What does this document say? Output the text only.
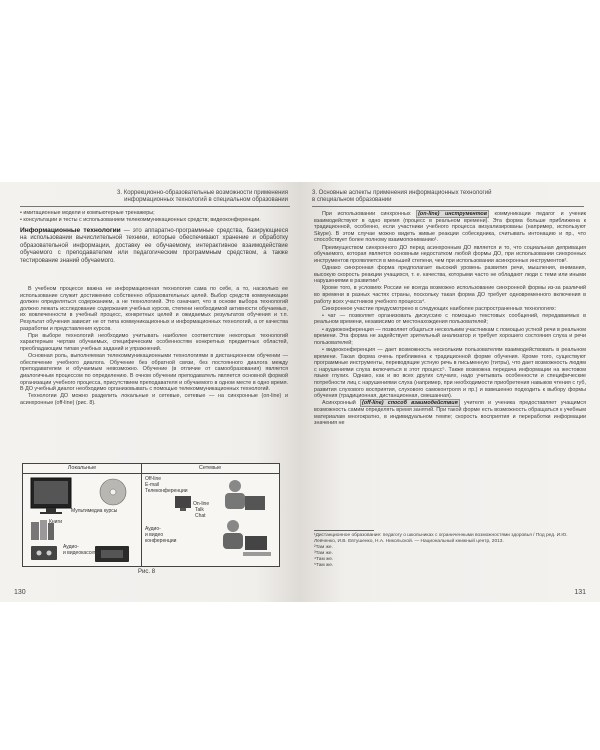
3. Коррекционно-образовательные возможности применения
информационных технологий в специальном образовании

• имитационные модели и компьютерные тренажеры;

• консультации и тесты с использованием телекоммуникационных средств; видеоконференции.

Информационные технологии — это аппаратно-программные средства, базирующиеся на использовании вычислительной техники, которые обеспечивают хранение и обработку образовательной информации, доставку ее обучаемому, интерактивное взаимодействие обучаемого с преподавателем или педагогическим программным средством, а также тестирование знаний обучаемого.

В учебном процессе важна не информационная технология сама по себе, а то, насколько ее использование служит достижению собственно образовательных целей. Выбор средств коммуникации должен определяться содержанием, а не технологией. Это означает, что в основе выбора технологий должно лежать исследование содержания учебных курсов, степени необходимой активности обучаемых, их вовлеченности в учебный процесс, конкретных целей и ожидаемых результатов обучения и т.п. Результат обучения зависит не от типа коммуникационных и информационных технологий, а от качества разработки и представления курсов.

При выборе технологий необходимо учитывать наиболее соответствие некоторых технологий характерным чертам обучаемых, специфическим особенностям конкретных предметных областей, преобладающим типам учебных заданий и упражнений.

Основная роль, выполняемая телекоммуникационными технологиями в дистанционном обучении — обеспечение учебного диалога. Обучение без обратной связи, без постоянного диалога между преподавателем и обучаемым невозможно. Обучение (в отличие от самообразования) является диалогичным процессом по определению. В очном обучении преподаватель является основной формой организации учебного процесса, присутствием преподавателя и обучаемого в одном месте в одно время. В ДО учебный диалог необходимо организовывать с помощью телекоммуникационных технологий.

Технологии ДО можно разделить локальные и сетевые, сетевые — на синхронные (on-line) и асинхронные (off-line) (рис. 8).

Локальные	Сетевые
Мультимедиа курсы
Книги
Аудио-
и видеокассеты
Off-line
E-mail
Телеконференции
On-line
Talk
Chat
Аудио-
и видео
конференции
Рис. 8
130
3. Основные аспекты применения информационных технологий
в специальном образовании

При использовании синхронных (on-line) инструментов коммуникации педагог и ученик взаимодействуют в одно время (процесс в реальном времени). Эта форма больше приближена к традиционной, особенно, если участники учебного процесса визуализированы (например, используют Skype). В этом случае можно видеть живые реакции собеседника, считывать интонацию и пр., что способствует более полному взаимопониманию¹.

Преимуществом синхронного ДО перед асинхронным ДО является и то, что социальная депривация обучаемого, которая является основным недостатком любой формы ДО, при использовании синхронных инструментов проявляется в меньшей степени, чем при использовании асинхронных инструментов².

Однако синхронная форма предполагает высокий уровень развития речи, мышления, внимания, высокую скорость реакции учащихся, т. е. качества, которыми часто не обладают люди с теми или иными нарушениями в развитии³.

Кроме того, в условиях России не всегда возможно использование синхронной формы из-за различий во времени в разных частях страны, поскольку такая форма ДО требует одновременного включения в работу всех участников учебного процесса⁴.

Синхронное участие предусмотрено в следующих наиболее распространенных технологиях:

• чат — позволяет организовать дискуссию с помощью текстовых сообщений, передаваемых в реальном времени, независимо от местонахождения пользователей;

• аудиоконференция — позволяет общаться нескольким участникам с помощью устной речи в реальном времени. Эта форма не задействует зрительный анализатор и требует хорошего состояния слуха и речи пользователей;

• видеоконференция — дает возможность нескольким пользователям взаимодействовать в реальном времени. Такая форма очень приближена к традиционной форме обучения. Кроме того, существуют программные инструменты, переводящие устную речь в письменную (титры), что дает возможность людям с нарушениями слуха включиться в этот процесс⁵. Также возможна передача информации на жестовом языке глухих. Однако, как и во всех других случаях, надо учитывать особенности и специфические потребности лиц с нарушениями слуха (например, при необходимости приобретения навыков чтения с губ, развития слухового восприятия, слухового самоконтроля и пр.) и взвешенно подходить к выбору формы обучения (традиционная, дистанционная, смешанная).

Асинхронный (off-line) способ взаимодействия учителя и ученика предоставляет учащимся возможность самим определять время занятий. При такой форме есть возможность обращаться к учебным материалам многократно, в индивидуальном темпе; скорость восприятия и переработки информации значения не

¹Дистанционное образование: педагогу о школьниках с ограниченными возможностями здоровья / Под ред. И.Ю. Левченко, И.В. Евтушенко, Н.А. Никольской. — Национальный книжный центр, 2013.
²Там же.
³Там же.
⁴Там же.
⁵Там же.
131
